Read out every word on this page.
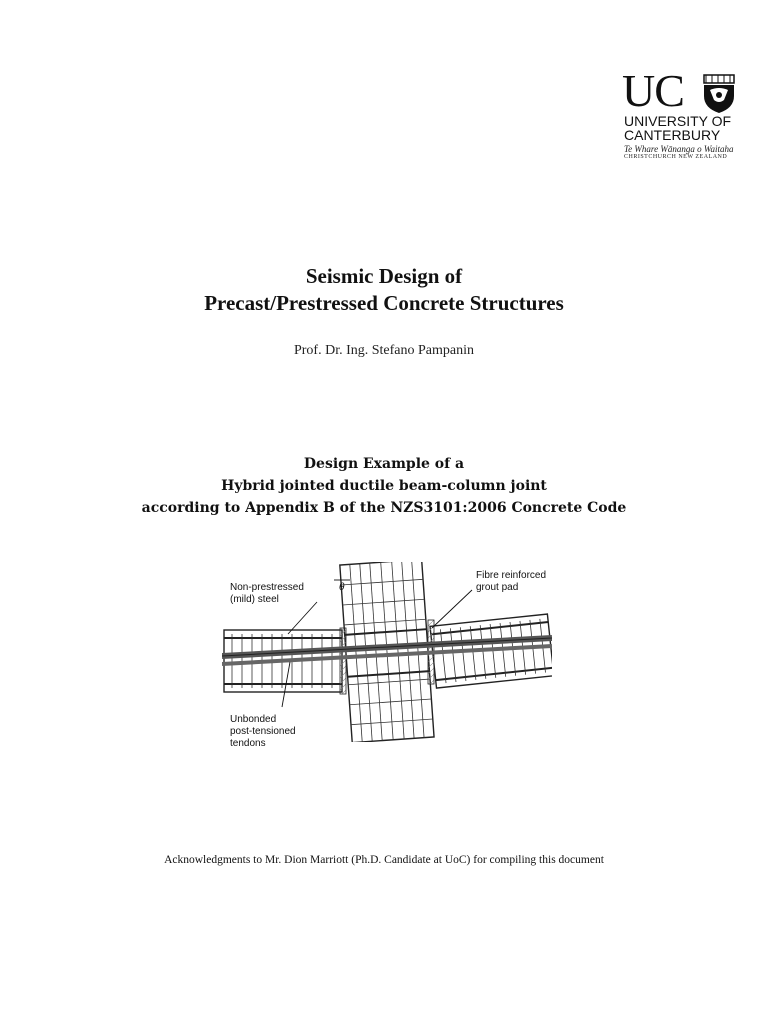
UC
UNIVERSITY OF
CANTERBURY
Te Whare Wānanga o Waitaha
CHRISTCHURCH NEW ZEALAND
Seismic Design of
Precast/Prestressed Concrete Structures
Prof. Dr. Ing. Stefano Pampanin
Design Example of a
Hybrid jointed ductile beam-column joint
according to Appendix B of the NZS3101:2006 Concrete Code
Non-prestressed
(mild) steel
θ
Fibre reinforced
grout pad
Unbonded
post-tensioned
tendons
Acknowledgments to Mr. Dion Marriott (Ph.D. Candidate at UoC) for compiling this document
